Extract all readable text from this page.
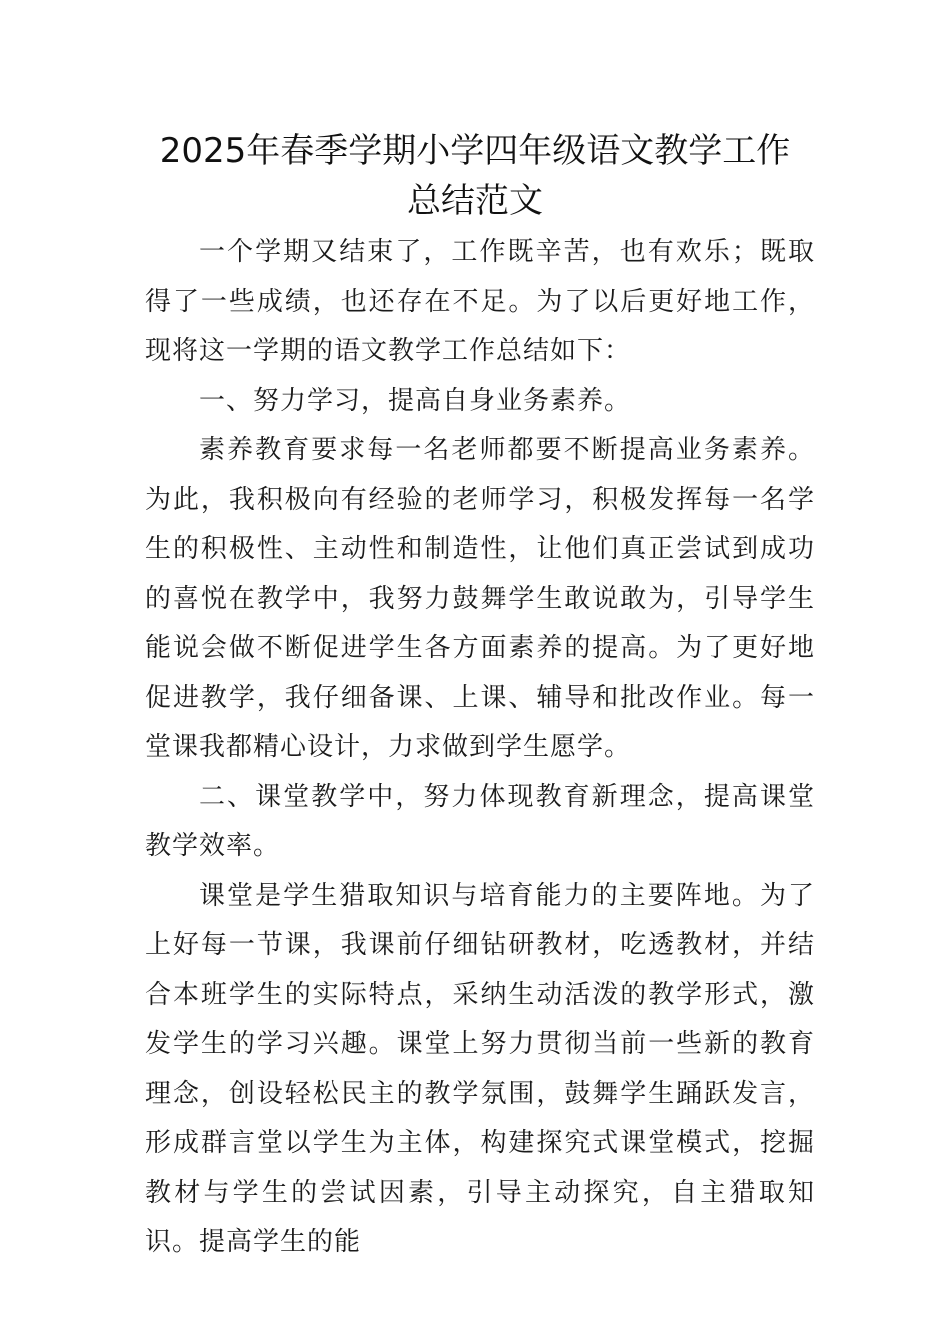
2025年春季学期小学四年级语文教学工作
总结范文

一个学期又结束了，工作既辛苦，也有欢乐；既取得了一些成绩，也还存在不足。为了以后更好地工作，现将这一学期的语文教学工作总结如下：

一、努力学习，提高自身业务素养。

素养教育要求每一名老师都要不断提高业务素养。为此，我积极向有经验的老师学习，积极发挥每一名学生的积极性、主动性和制造性，让他们真正尝试到成功的喜悦在教学中，我努力鼓舞学生敢说敢为，引导学生能说会做不断促进学生各方面素养的提高。为了更好地促进教学，我仔细备课、上课、辅导和批改作业。每一堂课我都精心设计，力求做到学生愿学。

二、课堂教学中，努力体现教育新理念，提高课堂教学效率。

课堂是学生猎取知识与培育能力的主要阵地。为了上好每一节课，我课前仔细钻研教材，吃透教材，并结合本班学生的实际特点，采纳生动活泼的教学形式，激发学生的学习兴趣。课堂上努力贯彻当前一些新的教育理念，创设轻松民主的教学氛围，鼓舞学生踊跃发言，形成群言堂以学生为主体，构建探究式课堂模式，挖掘教材与学生的尝试因素，引导主动探究，自主猎取知识。提高学生的能
